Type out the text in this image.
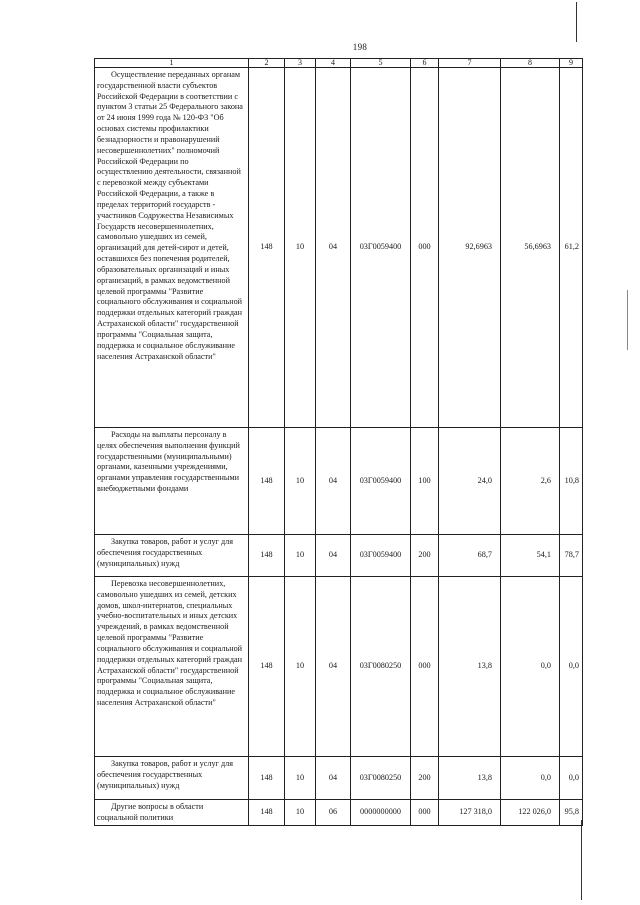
198
1	2	3	4	5	6	7	8	9
Осуществление переданных органам государственной власти субъектов Российской Федерации в соответствии с пунктом 3 статьи 25 Федерального закона от 24 июня 1999 года № 120-ФЗ "Об основах системы профилактики безнадзорности и правонарушений несовершеннолетних" полномочий Российской Федерации по осуществлению деятельности, связанной с перевозкой между субъектами Российской Федерации, а также в пределах территорий государств - участников Содружества Независимых Государств несовершеннолетних, самовольно ушедших из семей, организаций для детей-сирот и детей, оставшихся без попечения родителей, образовательных организаций и иных организаций, в рамках ведомственной целевой программы "Развитие социального обслуживания и социальной поддержки отдельных категорий граждан Астраханской области" государственной программы "Социальная защита, поддержка и социальное обслуживание населения Астраханской области"	148	10	04	03Г0059400	000	92,6963	56,6963	61,2
Расходы на выплаты персоналу в целях обеспечения выполнения функций государственными (муниципальными) органами, казенными учреждениями, органами управления государственными внебюджетными фондами	148	10	04	03Г0059400	100	24,0	2,6	10,8
Закупка товаров, работ и услуг для обеспечения государственных (муниципальных) нужд	148	10	04	03Г0059400	200	68,7	54,1	78,7
Перевозка несовершеннолетних, самовольно ушедших из семей, детских домов, школ-интернатов, специальных учебно-воспитательных и иных детских учреждений, в рамках ведомственной целевой программы "Развитие социального обслуживания и социальной поддержки отдельных категорий граждан Астраханской области" государственной программы "Социальная защита, поддержка и социальное обслуживание населения Астраханской области"	148	10	04	03Г0080250	000	13,8	0,0	0,0
Закупка товаров, работ и услуг для обеспечения государственных (муниципальных) нужд	148	10	04	03Г0080250	200	13,8	0,0	0,0
Другие вопросы в области социальной политики	148	10	06	0000000000	000	127 318,0	122 026,0	95,8
